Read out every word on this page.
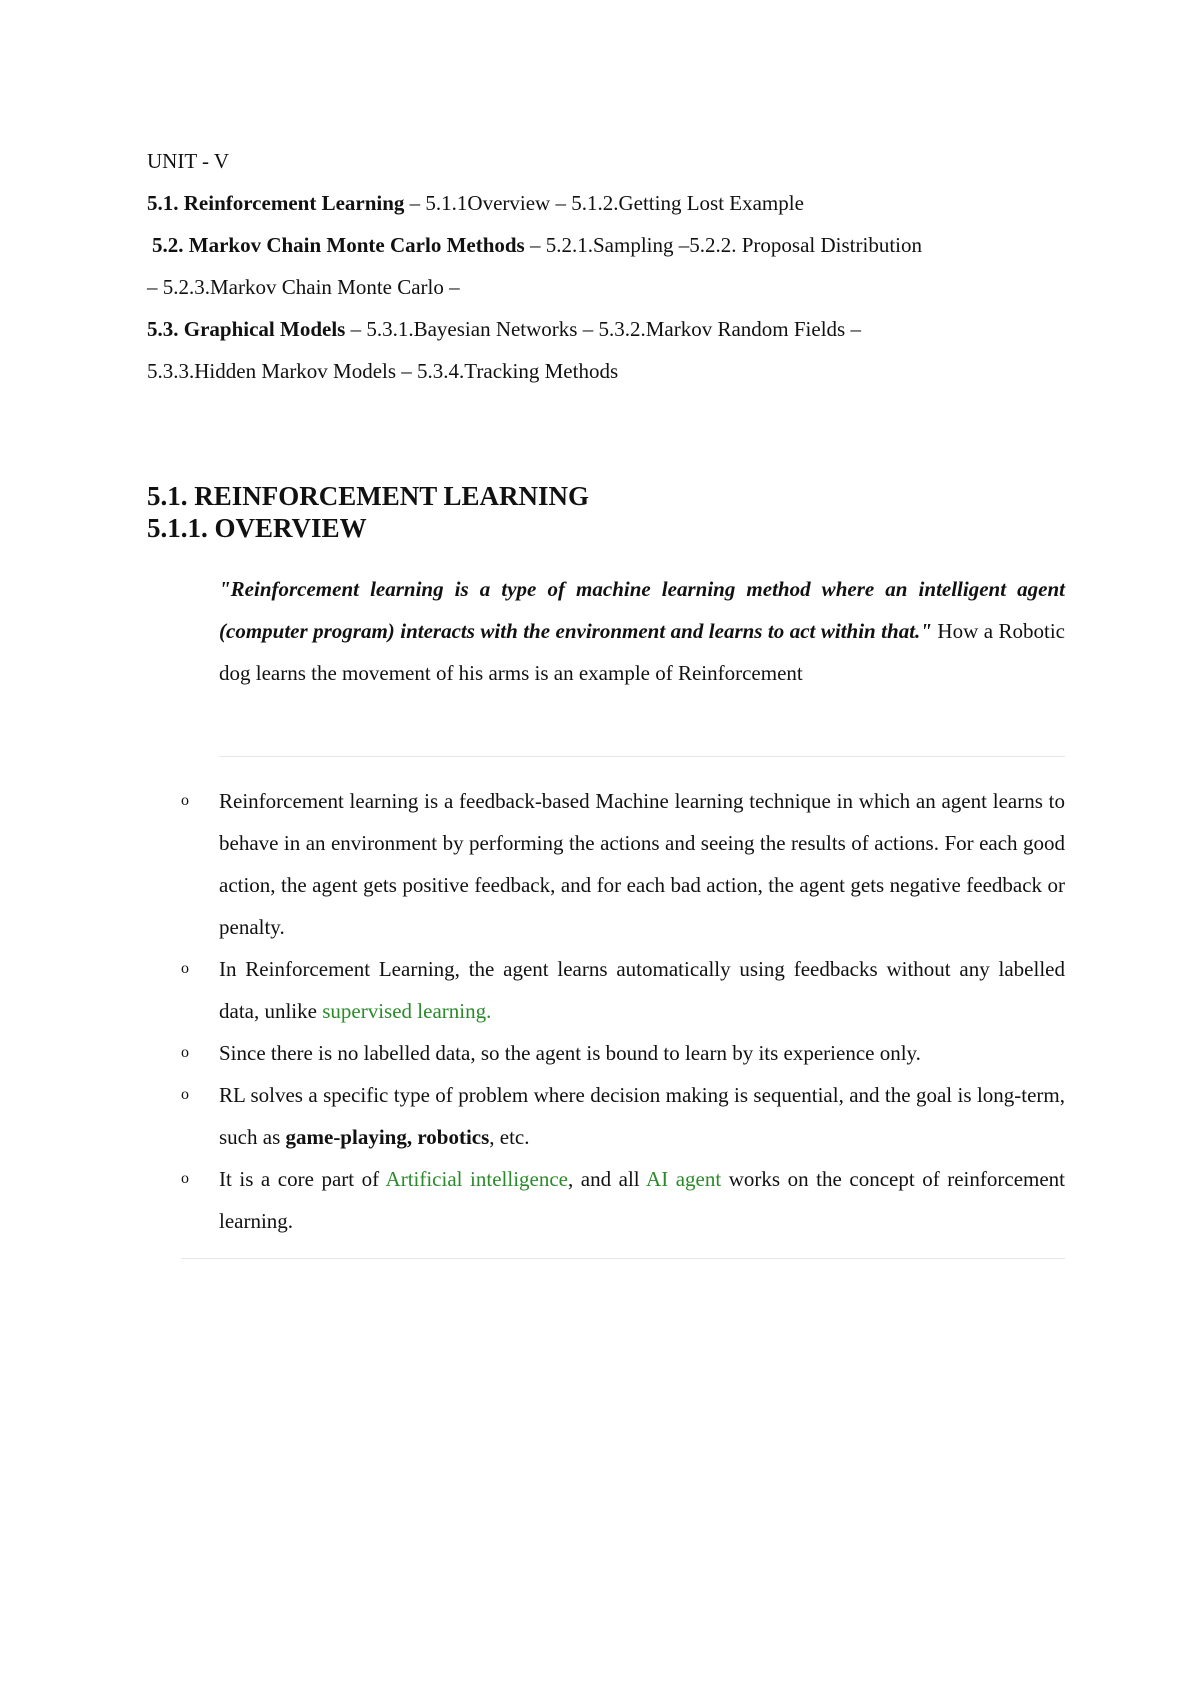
UNIT - V
5.1. Reinforcement Learning – 5.1.1Overview – 5.1.2.Getting Lost Example
5.2. Markov Chain Monte Carlo Methods – 5.2.1.Sampling –5.2.2. Proposal Distribution
– 5.2.3.Markov Chain Monte Carlo –
5.3. Graphical Models – 5.3.1.Bayesian Networks – 5.3.2.Markov Random Fields –
5.3.3.Hidden Markov Models – 5.3.4.Tracking Methods
5.1. REINFORCEMENT LEARNING
5.1.1. OVERVIEW
"Reinforcement learning is a type of machine learning method where an intelligent agent (computer program) interacts with the environment and learns to act within that." How a Robotic dog learns the movement of his arms is an example of Reinforcement
o Reinforcement learning is a feedback-based Machine learning technique in which an agent learns to behave in an environment by performing the actions and seeing the results of actions. For each good action, the agent gets positive feedback, and for each bad action, the agent gets negative feedback or penalty.
o In Reinforcement Learning, the agent learns automatically using feedbacks without any labelled data, unlike supervised learning.
o Since there is no labelled data, so the agent is bound to learn by its experience only.
o RL solves a specific type of problem where decision making is sequential, and the goal is long-term, such as game-playing, robotics, etc.
o It is a core part of Artificial intelligence, and all AI agent works on the concept of reinforcement learning.
